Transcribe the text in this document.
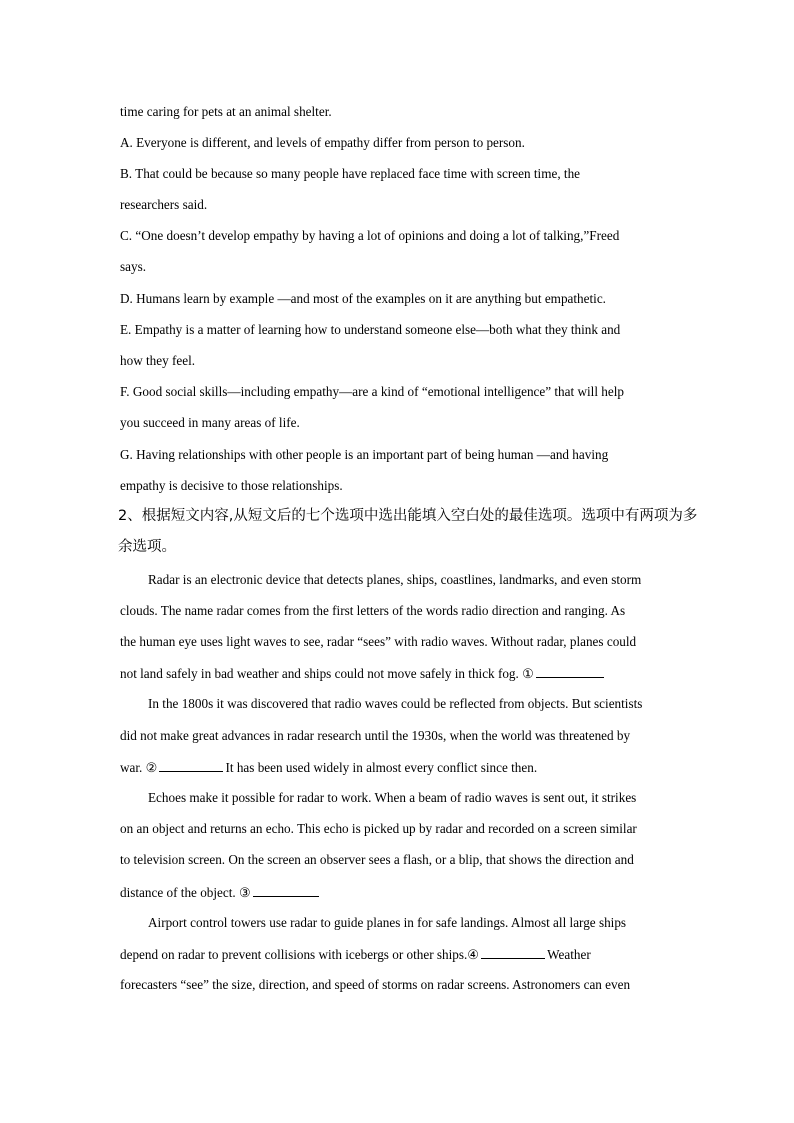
time caring for pets at an animal shelter.
A. Everyone is different, and levels of empathy differ from person to person.
B. That could be because so many people have replaced face time with screen time, the
researchers said.
C. “One doesn’t develop empathy by having a lot of opinions and doing a lot of talking,”Freed
says.
D. Humans learn by example —and most of the examples on it are anything but empathetic.
E. Empathy is a matter of learning how to understand someone else—both what they think and
how they feel.
F. Good social skills—including empathy—are a kind of “emotional intelligence” that will help
you succeed in many areas of life.
G. Having relationships with other people is an important part of being human —and having
empathy is decisive to those relationships.
2、根据短文内容,从短文后的七个选项中选出能填入空白处的最佳选项。选项中有两项为多
余选项。
Radar is an electronic device that detects planes, ships, coastlines, landmarks, and even storm
clouds. The name radar comes from the first letters of the words radio direction and ranging. As
the human eye uses light waves to see, radar “sees” with radio waves. Without radar, planes could
not land safely in bad weather and ships could not move safely in thick fog. ①
In the 1800s it was discovered that radio waves could be reflected from objects. But scientists
did not make great advances in radar research until the 1930s, when the world was threatened by
war. ②	It has been used widely in almost every conflict since then.
Echoes make it possible for radar to work. When a beam of radio waves is sent out, it strikes
on an object and returns an echo. This echo is picked up by radar and recorded on a screen similar
to television screen. On the screen an observer sees a flash, or a blip, that shows the direction and
distance of the object. ③
Airport control towers use radar to guide planes in for safe landings. Almost all large ships
depend on radar to prevent collisions with icebergs or other ships.④	Weather
forecasters “see” the size, direction, and speed of storms on radar screens. Astronomers can even
